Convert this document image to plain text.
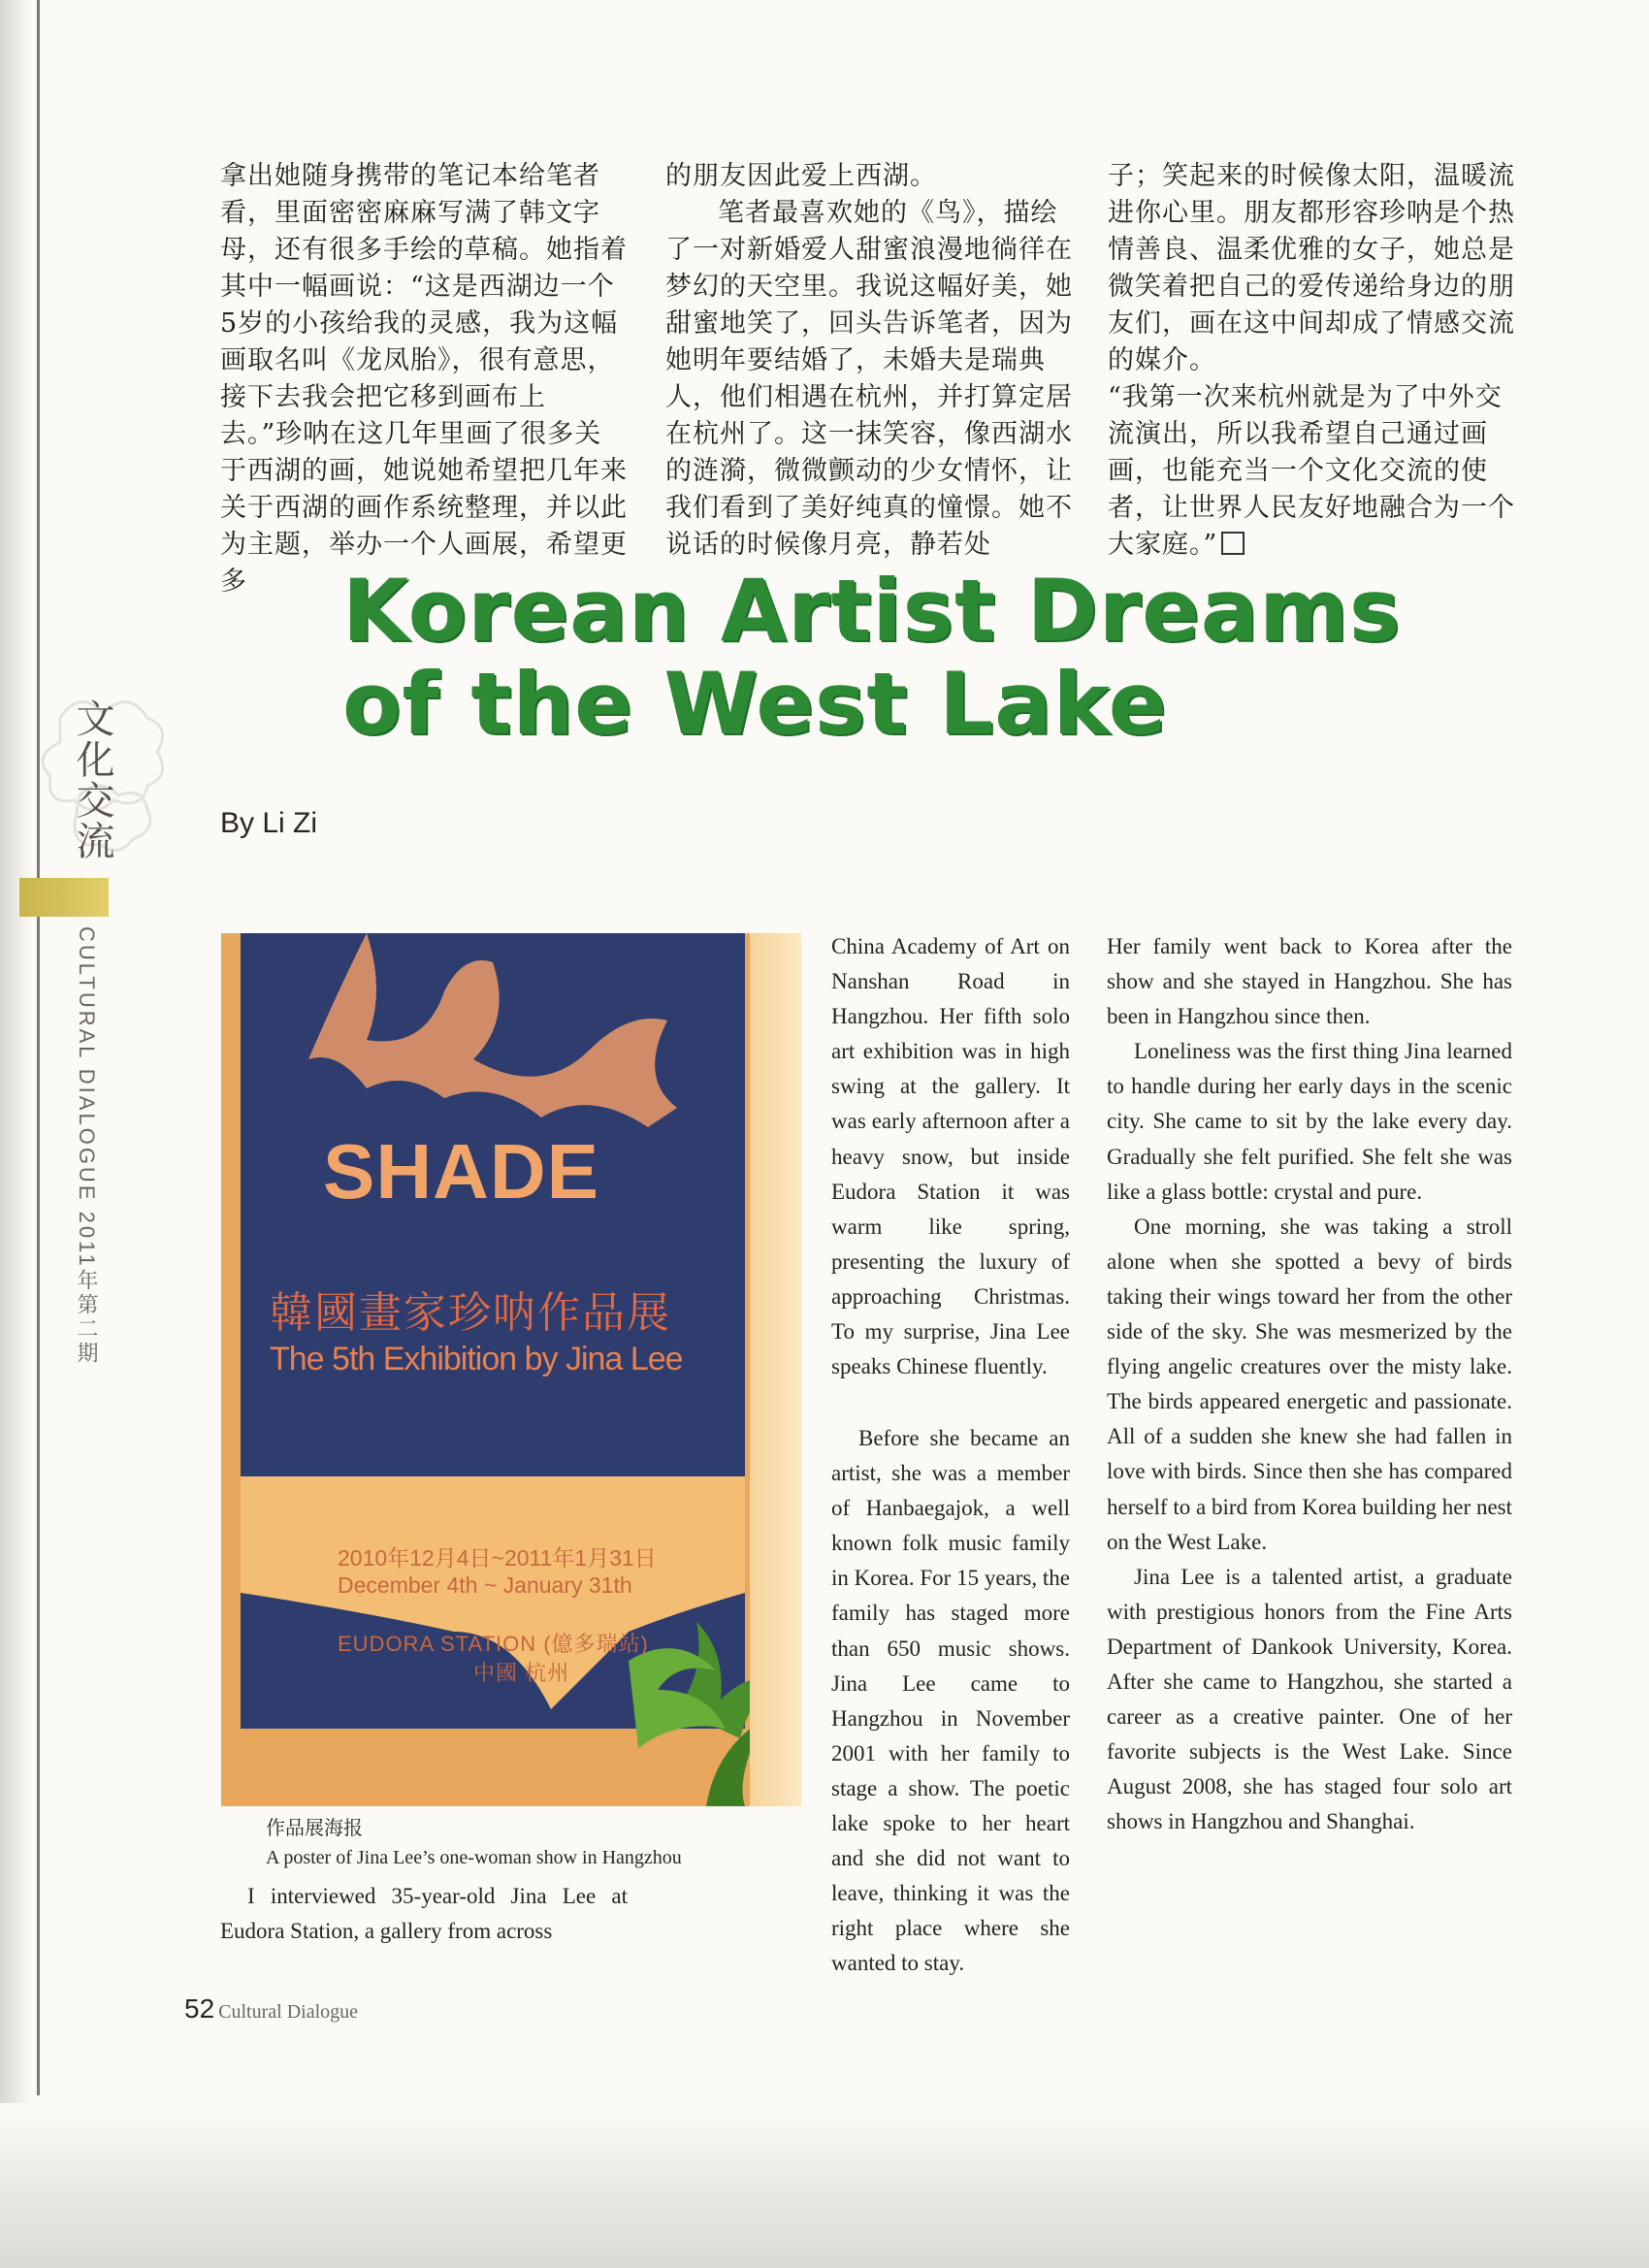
拿出她随身携带的笔记本给笔者看，里面密密麻麻写满了韩文字母，还有很多手绘的草稿。她指着其中一幅画说：“这是西湖边一个5岁的小孩给我的灵感，我为这幅画取名叫《龙凤胎》，很有意思，接下去我会把它移到画布上去。”珍呐在这几年里画了很多关于西湖的画，她说她希望把几年来关于西湖的画作系统整理，并以此为主题，举办一个人画展，希望更多

的朋友因此爱上西湖。

笔者最喜欢她的《鸟》，描绘了一对新婚爱人甜蜜浪漫地徜徉在梦幻的天空里。我说这幅好美，她甜蜜地笑了，回头告诉笔者，因为她明年要结婚了，未婚夫是瑞典人，他们相遇在杭州，并打算定居在杭州了。这一抹笑容，像西湖水的涟漪，微微颤动的少女情怀，让我们看到了美好纯真的憧憬。她不说话的时候像月亮，静若处

子；笑起来的时候像太阳，温暖流进你心里。朋友都形容珍呐是个热情善良、温柔优雅的女子，她总是微笑着把自己的爱传递给身边的朋友们，画在这中间却成了情感交流的媒介。

“我第一次来杭州就是为了中外交流演出，所以我希望自己通过画画，也能充当一个文化交流的使者，让世界人民友好地融合为一个大家庭。”

Korean Artist Dreams
of the West Lake
By Li Zi
文化交流
CULTURAL DIALOGUE 2011年第二期	SHADE
韓國畫家珍呐作品展
The 5th Exhibition by Jina Lee
2010年12月4日~2011年1月31日
December 4th ~ January 31th
EUDORA STATION (億多瑞站)
中國 杭州
作品展海报
A poster of Jina Lee’s one-woman show in Hangzhou

I interviewed 35-year-old Jina Lee at Eudora Station, a gallery from across

China Academy of Art on Nanshan Road in Hangzhou. Her fifth solo art exhibition was in high swing at the gallery. It was early afternoon after a heavy snow, but inside Eudora Station it was warm like spring, presenting the luxury of approaching Christmas. To my surprise, Jina Lee speaks Chinese fluently.

Before she became an artist, she was a member of Hanbaegajok, a well known folk music family in Korea. For 15 years, the family has staged more than 650 music shows. Jina Lee came to Hangzhou in November 2001 with her family to stage a show. The poetic lake spoke to her heart and she did not want to leave, thinking it was the right place where she wanted to stay.

Her family went back to Korea after the show and she stayed in Hangzhou. She has been in Hangzhou since then.

Loneliness was the first thing Jina learned to handle during her early days in the scenic city. She came to sit by the lake every day. Gradually she felt purified. She felt she was like a glass bottle: crystal and pure.

One morning, she was taking a stroll alone when she spotted a bevy of birds taking their wings toward her from the other side of the sky. She was mesmerized by the flying angelic creatures over the misty lake. The birds appeared energetic and passionate. All of a sudden she knew she had fallen in love with birds. Since then she has compared herself to a bird from Korea building her nest on the West Lake.

Jina Lee is a talented artist, a graduate with prestigious honors from the Fine Arts Department of Dankook University, Korea. After she came to Hangzhou, she started a career as a creative painter. One of her favorite subjects is the West Lake. Since August 2008, she has staged four solo art shows in Hangzhou and Shanghai.

52 Cultural Dialogue
